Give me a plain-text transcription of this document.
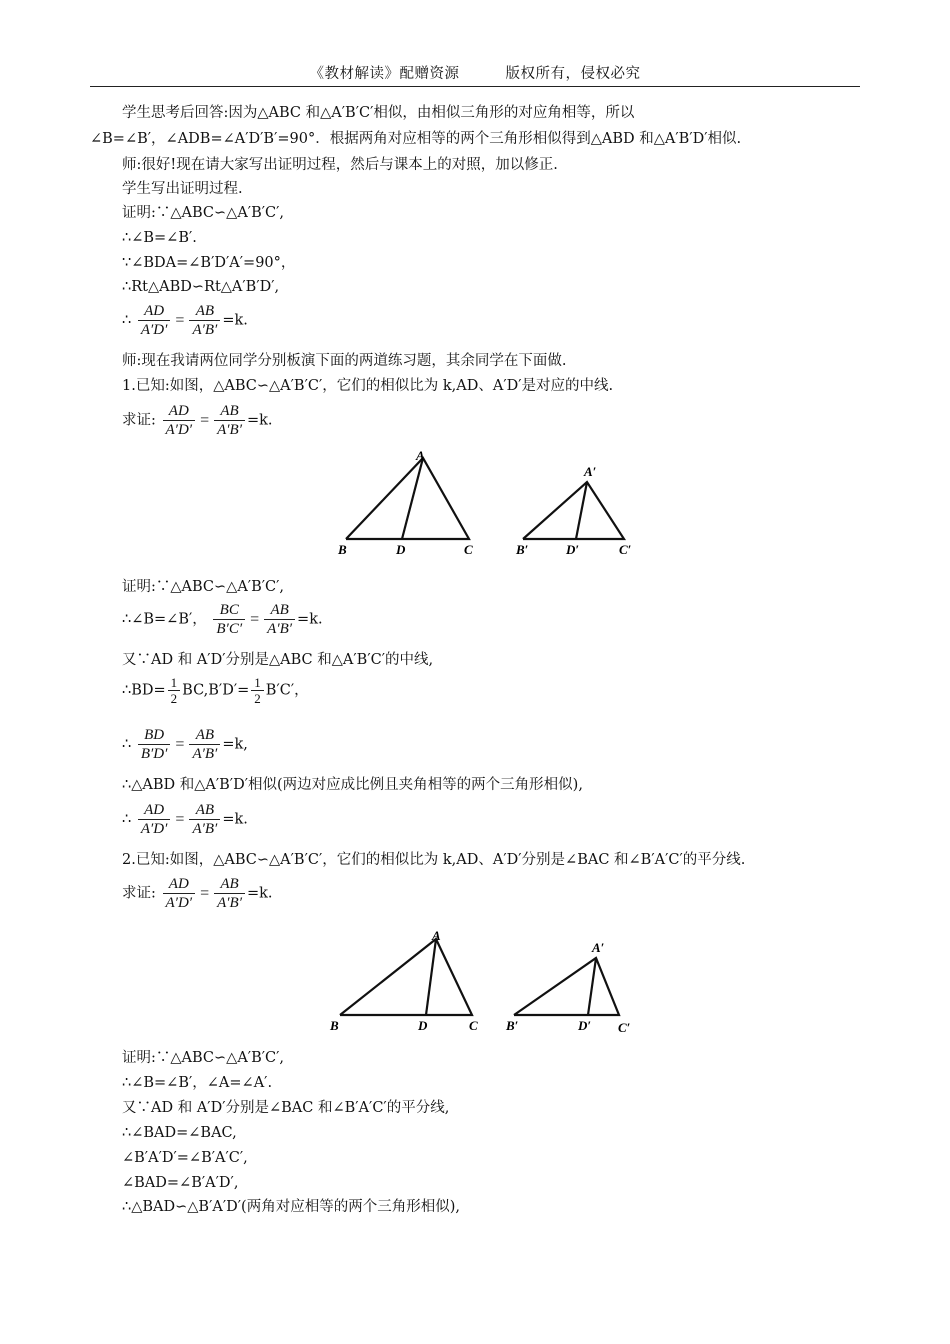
《教材解读》配赠资源	版权所有，侵权必究
学生思考后回答:因为△ABC 和△A′B′C′相似，由相似三角形的对应角相等，所以
∠B=∠B′，∠ADB=∠A′D′B′=90°．根据两角对应相等的两个三角形相似得到△ABD 和△A′B′D′相似.
师:很好!现在请大家写出证明过程，然后与课本上的对照，加以修正.
学生写出证明过程.
证明:∵△ABC∽△A′B′C′,
∴∠B=∠B′.
∵∠BDA=∠B′D′A′=90°，
∴Rt△ABD∽Rt△A′B′D′,
∴ $\frac{AD}{A'D'} = \frac{AB}{A'B'} =k$.
师:现在我请两位同学分别板演下面的两道练习题，其余同学在下面做.
1.已知:如图，△ABC∽△A′B′C′，它们的相似比为 k,AD、A′D′是对应的中线.
求证: $\frac{AD}{A'D'} = \frac{AB}{A'B'} =k$.
A
B	D	C
A′
B′	D′	C′
证明:∵△ABC∽△A′B′C′,
∴∠B=∠B′， $\frac{BC}{B'C'} = \frac{AB}{A'B'} =k$.
又∵AD 和 A′D′分别是△ABC 和△A′B′C′的中线,
∴BD= $\frac{1}{2} BC,B'D'= \frac{1}{2} B'C'$，
∴ $\frac{BD}{B'D'} = \frac{AB}{A'B'} =k$,
∴△ABD 和△A′B′D′相似(两边对应成比例且夹角相等的两个三角形相似),
∴ $\frac{AD}{A'D'} = \frac{AB}{A'B'} =k$.
2.已知:如图，△ABC∽△A′B′C′，它们的相似比为 k,AD、A′D′分别是∠BAC 和∠B′A′C′的平分线.
求证: $\frac{AD}{A'D'} = \frac{AB}{A'B'} =k$.
A
B	D	C
A′
B′	D′ C′
证明:∵△ABC∽△A′B′C′,
∴∠B=∠B′，∠A=∠A′.
又∵AD 和 A′D′分别是∠BAC 和∠B′A′C′的平分线,
∴∠BAD=∠BAC,
∠B′A′D′=∠B′A′C′,
∠BAD=∠B′A′D′,
∴△BAD∽△B′A′D′(两角对应相等的两个三角形相似),
